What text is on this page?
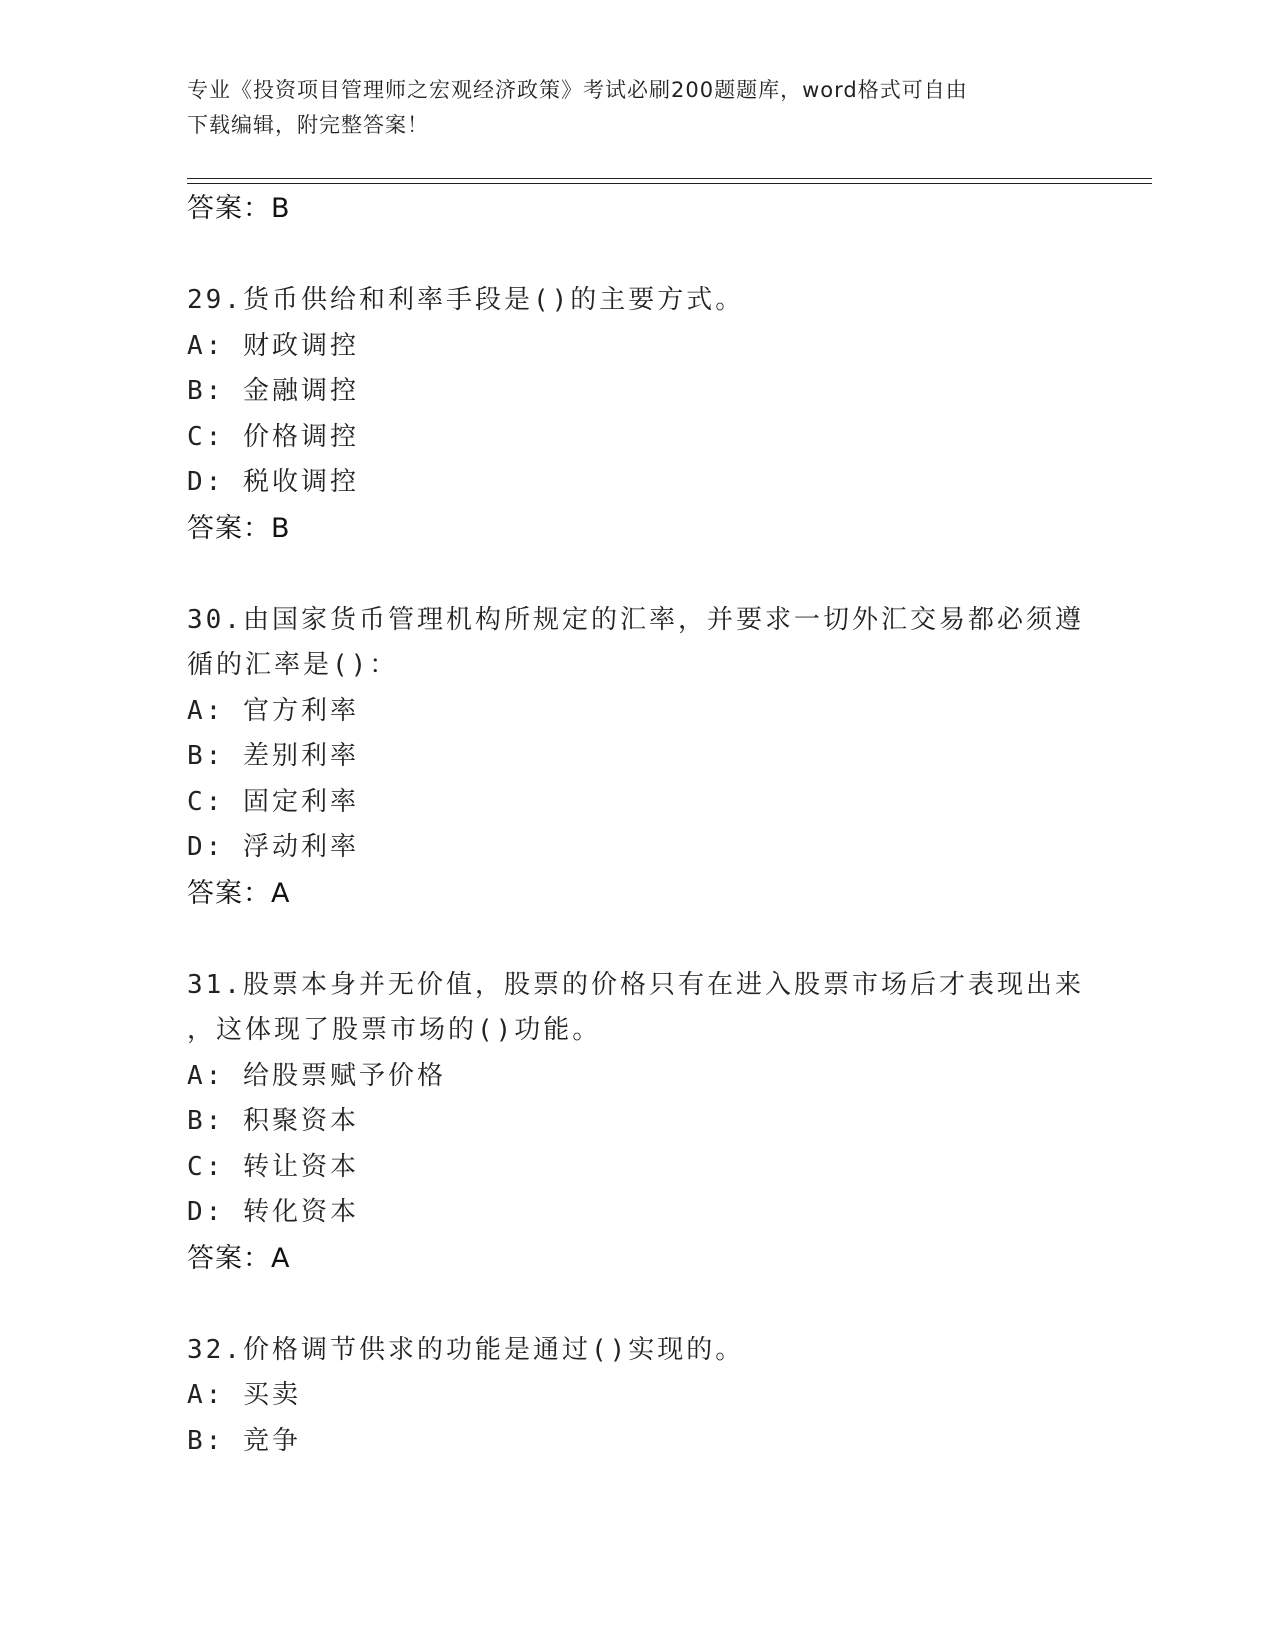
专业《投资项目管理师之宏观经济政策》考试必刷200题题库，word格式可自由
下载编辑，附完整答案！
答案：B
29.货币供给和利率手段是()的主要方式。
A: 财政调控
B: 金融调控
C: 价格调控
D: 税收调控
答案：B
30.由国家货币管理机构所规定的汇率，并要求一切外汇交易都必须遵
循的汇率是()：
A: 官方利率
B: 差别利率
C: 固定利率
D: 浮动利率
答案：A
31.股票本身并无价值，股票的价格只有在进入股票市场后才表现出来
，这体现了股票市场的()功能。
A: 给股票赋予价格
B: 积聚资本
C: 转让资本
D: 转化资本
答案：A
32.价格调节供求的功能是通过()实现的。
A: 买卖
B: 竞争
